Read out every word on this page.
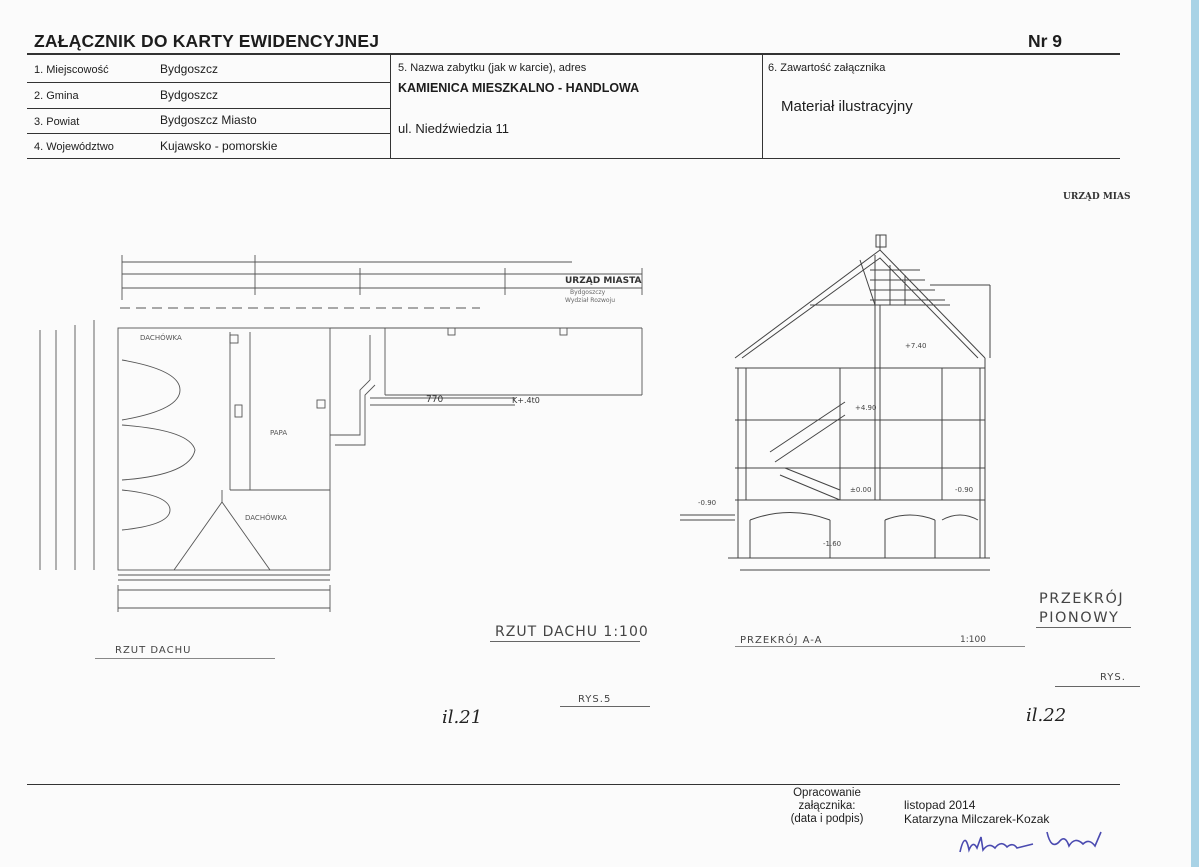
ZAŁĄCZNIK DO KARTY EWIDENCYJNEJ	Nr 9
1. Miejscowość	Bydgoszcz
2. Gmina	Bydgoszcz
3. Powiat	Bydgoszcz Miasto
4. Województwo	Kujawsko - pomorskie
5. Nazwa zabytku (jak w karcie), adres
KAMIENICA MIESZKALNO - HANDLOWA
ul. Niedźwiedzia 11
6. Zawartość załącznika
Materiał ilustracyjny
DACHÓWKA
DACHÓWKA
PAPA
URZĄD MIASTA
Bydgoszczy
Wydział Rozwoju
770	K+.4t0
+7.40
+4.90
±0.00	-0.90
-0.90
-1.60
URZĄD MIAS
RZUT DACHU 1:100
RZUT DACHU
RYS.5
il.21
PRZEKRÓJ A-A	1:100
PRZEKRÓJ PIONOWY
RYS.
il.22
Opracowanie
załącznika:
(data i podpis)
listopad 2014
Katarzyna Milczarek-Kozak
